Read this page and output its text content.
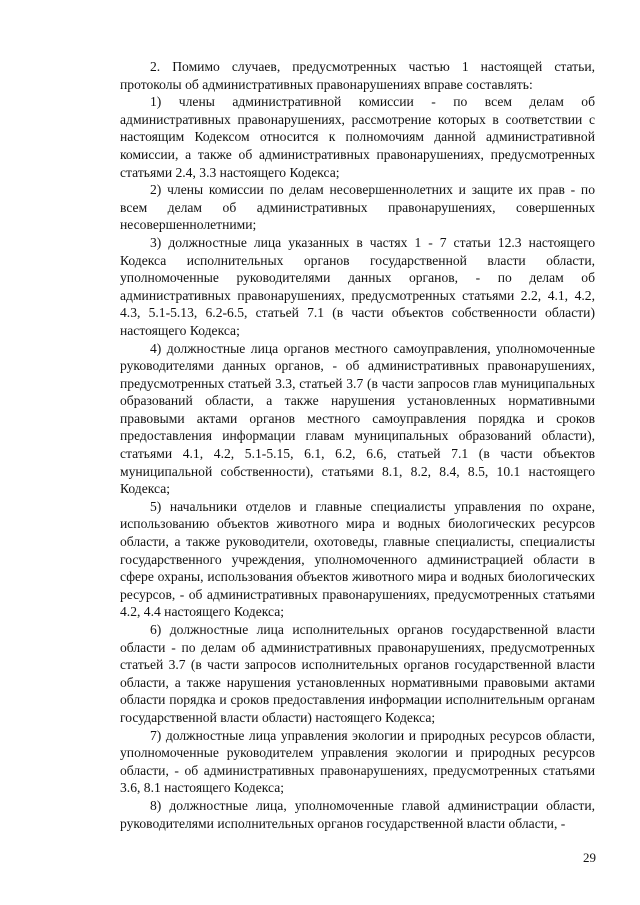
2. Помимо случаев, предусмотренных частью 1 настоящей статьи, протоколы об административных правонарушениях вправе составлять:

1) члены административной комиссии - по всем делам об административных правонарушениях, рассмотрение которых в соответствии с настоящим Кодексом относится к полномочиям данной административной комиссии, а также об административных правонарушениях, предусмотренных статьями 2.4, 3.3 настоящего Кодекса;

2) члены комиссии по делам несовершеннолетних и защите их прав - по всем делам об административных правонарушениях, совершенных несовершеннолетними;

3) должностные лица указанных в частях 1 - 7 статьи 12.3 настоящего Кодекса исполнительных органов государственной власти области, уполномоченные руководителями данных органов, - по делам об административных правонарушениях, предусмотренных статьями 2.2, 4.1, 4.2, 4.3, 5.1-5.13, 6.2-6.5, статьей 7.1 (в части объектов собственности области) настоящего Кодекса;

4) должностные лица органов местного самоуправления, уполномоченные руководителями данных органов, - об административных правонарушениях, предусмотренных статьей 3.3, статьей 3.7 (в части запросов глав муниципальных образований области, а также нарушения установленных нормативными правовыми актами органов местного самоуправления порядка и сроков предоставления информации главам муниципальных образований области), статьями 4.1, 4.2, 5.1-5.15, 6.1, 6.2, 6.6, статьей 7.1 (в части объектов муниципальной собственности), статьями 8.1, 8.2, 8.4, 8.5, 10.1 настоящего Кодекса;

5) начальники отделов и главные специалисты управления по охране, использованию объектов животного мира и водных биологических ресурсов области, а также руководители, охотоведы, главные специалисты, специалисты государственного учреждения, уполномоченного администрацией области в сфере охраны, использования объектов животного мира и водных биологических ресурсов, - об административных правонарушениях, предусмотренных статьями 4.2, 4.4 настоящего Кодекса;

6) должностные лица исполнительных органов государственной власти области - по делам об административных правонарушениях, предусмотренных статьей 3.7 (в части запросов исполнительных органов государственной власти области, а также нарушения установленных нормативными правовыми актами области порядка и сроков предоставления информации исполнительным органам государственной власти области) настоящего Кодекса;

7) должностные лица управления экологии и природных ресурсов области, уполномоченные руководителем управления экологии и природных ресурсов области, - об административных правонарушениях, предусмотренных статьями 3.6, 8.1 настоящего Кодекса;

8) должностные лица, уполномоченные главой администрации области, руководителями исполнительных органов государственной власти области, -

29
